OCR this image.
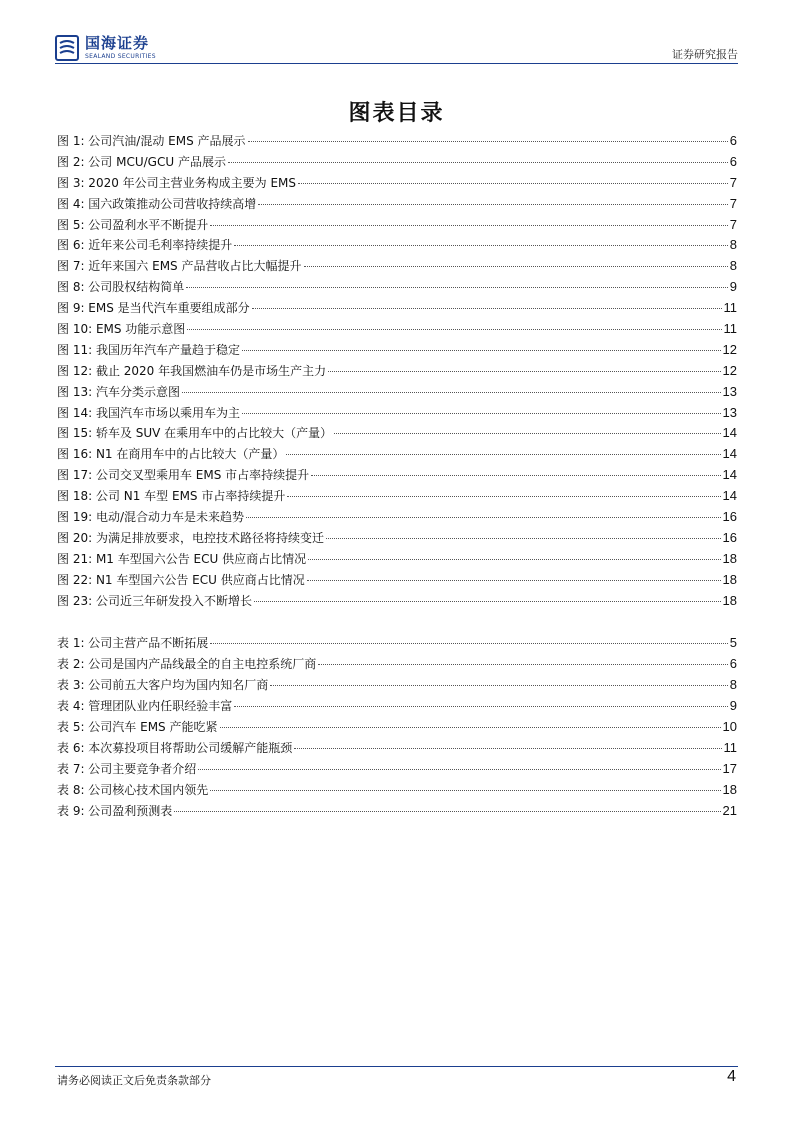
国海证券
SEALAND SECURITIES	证券研究报告
图表目录
图 1: 公司汽油/混动 EMS 产品展示	6
图 2: 公司 MCU/GCU 产品展示	6
图 3: 2020 年公司主营业务构成主要为 EMS	7
图 4: 国六政策推动公司营收持续高增	7
图 5: 公司盈利水平不断提升	7
图 6: 近年来公司毛利率持续提升	8
图 7: 近年来国六 EMS 产品营收占比大幅提升	8
图 8: 公司股权结构简单	9
图 9: EMS 是当代汽车重要组成部分	11
图 10: EMS 功能示意图	11
图 11: 我国历年汽车产量趋于稳定	12
图 12: 截止 2020 年我国燃油车仍是市场生产主力	12
图 13: 汽车分类示意图	13
图 14: 我国汽车市场以乘用车为主	13
图 15: 轿车及 SUV 在乘用车中的占比较大（产量）	14
图 16: N1 在商用车中的占比较大（产量）	14
图 17: 公司交叉型乘用车 EMS 市占率持续提升	14
图 18: 公司 N1 车型 EMS 市占率持续提升	14
图 19: 电动/混合动力车是未来趋势	16
图 20: 为满足排放要求，电控技术路径将持续变迁	16
图 21: M1 车型国六公告 ECU 供应商占比情况	18
图 22: N1 车型国六公告 ECU 供应商占比情况	18
图 23: 公司近三年研发投入不断增长	18
表 1: 公司主营产品不断拓展	5
表 2: 公司是国内产品线最全的自主电控系统厂商	6
表 3: 公司前五大客户均为国内知名厂商	8
表 4: 管理团队业内任职经验丰富	9
表 5: 公司汽车 EMS 产能吃紧	10
表 6: 本次募投项目将帮助公司缓解产能瓶颈	11
表 7: 公司主要竞争者介绍	17
表 8: 公司核心技术国内领先	18
表 9: 公司盈利预测表	21
请务必阅读正文后免责条款部分	4
